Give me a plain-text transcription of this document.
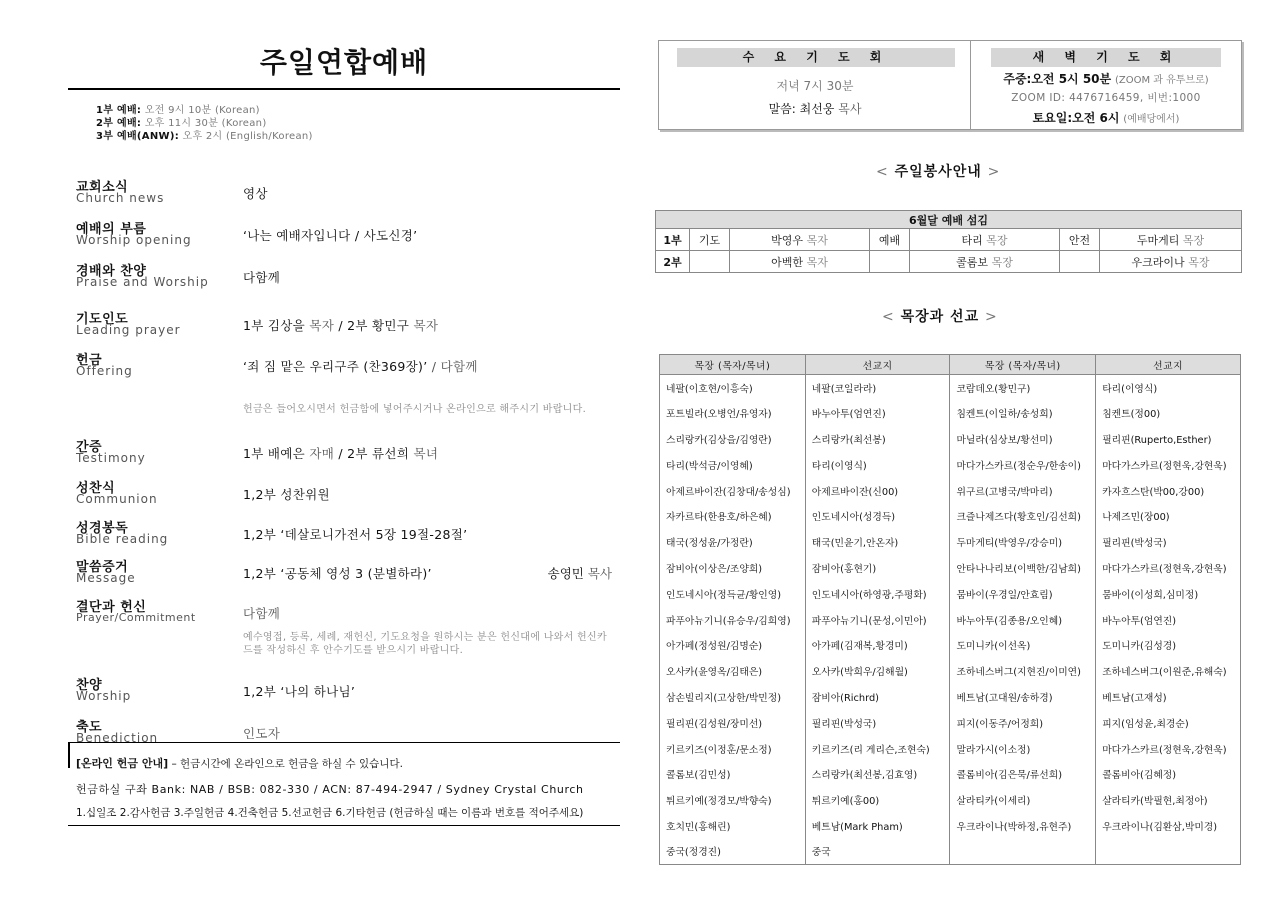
주일연합예배
1부 예배: 오전 9시 10분 (Korean)
2부 예배: 오후 11시 30분 (Korean)
3부 예배(ANW): 오후 2시 (English/Korean)
교회소식
Church news	영상
예배의 부름
Worship opening	‘나는 예배자입니다 / 사도신경’
경배와 찬양
Praise and Worship	다함께
기도인도
Leading prayer	1부 김상을 목자 / 2부 황민구 목자
헌금
Offering	‘죄 짐 맡은 우리구주 (찬369장)’ / 다함께
헌금은 들어오시면서 헌금함에 넣어주시거나 온라인으로 해주시기 바랍니다.
간증
Testimony	1부 배예은 자매 / 2부 류선희 목녀
성찬식
Communion	1,2부 성찬위원
성경봉독
Bible reading	1,2부 ‘데살로니가전서 5장 19절-28절’
말씀증거
Message	1,2부 ‘공동체 영성 3 (분별하라)’	송영민 목사
결단과 헌신
Prayer/Commitment	다함께
예수영접, 등록, 세례, 재헌신, 기도요청을 원하시는 분은 헌신대에 나와서 헌신카드를 작성하신 후 안수기도를 받으시기 바랍니다.
찬양
Worship	1,2부 ‘나의 하나님’
축도
Benediction	인도자
[온라인 헌금 안내] – 헌금시간에 온라인으로 헌금을 하실 수 있습니다.
헌금하실 구좌 Bank: NAB / BSB: 082-330 / ACN: 87-494-2947 / Sydney Crystal Church
1.십일조 2.감사헌금 3.주일헌금 4.건축헌금 5.선교헌금 6.기타헌금 (헌금하실 때는 이름과 번호를 적어주세요)
수 요 기 도 회
저녁 7시 30분
말씀: 최선웅 목사
새 벽 기 도 회
주중:오전 5시 50분 (ZOOM 과 유투브로)
ZOOM ID: 4476716459, 비번:1000
토요일:오전 6시 (예배당에서)
< 주일봉사안내 >
6월달 예배 섬김						
1부	기도	박영우 목자	예배	타리 목장	안전	두마게티 목장
2부		아벡한 목자		콜롬보 목장		우크라이나 목장
< 목장과 선교 >
목장 (목자/목녀)	선교지	목장 (목자/목녀)	선교지
네팔(이호현/이흥숙)	네팔(코일라라)	코람데오(황민구)	타리(이영식)
포트빌라(오병언/유영자)	바누아투(엄연진)	침켄트(이일하/송성희)	침켄트(정00)
스리랑카(김상을/김영란)	스리랑카(최선봉)	마닐라(심상보/황선미)	필리핀(Ruperto,Esther)
타리(박석금/이영혜)	타리(이영식)	마다가스카르(정순우/한송이)	마다가스카르(정현욱,강현욱)
아제르바이잔(김창대/송성심)	아제르바이잔(신00)	위구르(고병국/박마리)	카자흐스탄(박00,강00)
자카르타(한용호/하은혜)	인도네시아(성경득)	크즐나제즈다(황호인/김선희)	나제즈민(장00)
태국(정성윤/가정란)	태국(민윤기,안온자)	두마게티(박영우/강승미)	필리핀(박성국)
잠비아(이상은/조양희)	잠비아(홍현기)	안타나나리보(이백한/김남희)	마다가스카르(정현욱,강현욱)
인도네시아(정득균/황인영)	인도네시아(하영광,주평화)	뭄바이(우경일/안효림)	뭄바이(이성희,심미정)
파푸아뉴기니(유승우/김희영)	파푸아뉴기니(문성,이민아)	바누아투(김종용/오인혜)	바누아투(엄연진)
아가페(정성원/김명순)	아가페(김재복,황경미)	도미니카(이선옥)	도미니카(김성경)
오사카(윤영옥/김태은)	오사카(박희우/김해월)	조하네스버그(지현진/이미연)	조하네스버그(이원준,유해숙)
삼손빌리지(고상한/박민정)	잠비아(Richrd)	베트남(고대원/송하경)	베트남(고재성)
필리핀(김성원/장미선)	필리핀(박성국)	피지(이동주/어정희)	피지(임성윤,최경순)
키르키즈(이정훈/문소정)	키르키즈(리 게리슨,조현숙)	말라가시(이소정)	마다가스카르(정현욱,강현욱)
콜롬보(김민성)	스리랑카(최선봉,김효영)	콜롬비아(김은묵/류선희)	콜롬비아(김혜정)
튀르키예(정경모/박향숙)	튀르키예(홍00)	살라티카(이세리)	살라티카(박필현,최정아)
호치민(홍해린)	베트남(Mark Pham)	우크라이나(박하정,유현주)	우크라이나(김환삼,박미경)
중국(정경진)	중국		
